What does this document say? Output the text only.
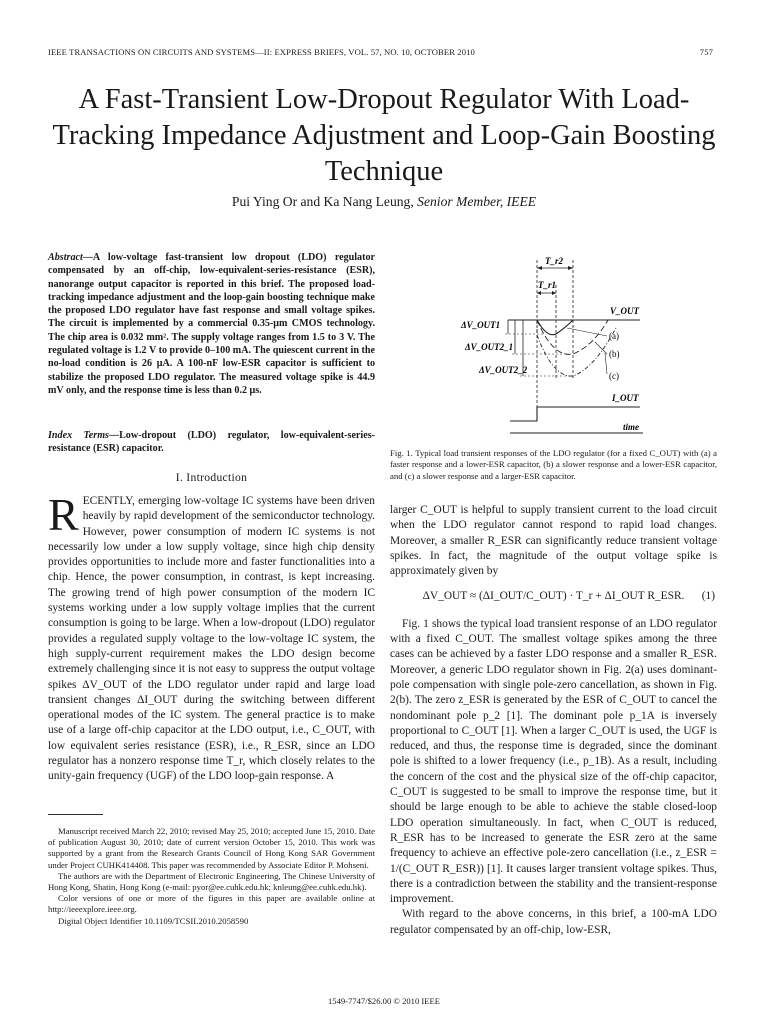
IEEE TRANSACTIONS ON CIRCUITS AND SYSTEMS—II: EXPRESS BRIEFS, VOL. 57, NO. 10, OCTOBER 2010	757
A Fast-Transient Low-Dropout Regulator With Load-Tracking Impedance Adjustment and Loop-Gain Boosting Technique
Pui Ying Or and Ka Nang Leung, Senior Member, IEEE
Abstract—A low-voltage fast-transient low dropout (LDO) regulator compensated by an off-chip, low-equivalent-series-resistance (ESR), nanorange output capacitor is reported in this brief. The proposed load-tracking impedance adjustment and the loop-gain boosting technique make the proposed LDO regulator have fast response and small voltage spikes. The circuit is implemented by a commercial 0.35-μm CMOS technology. The chip area is 0.032 mm². The supply voltage ranges from 1.5 to 3 V. The regulated voltage is 1.2 V to provide 0–100 mA. The quiescent current in the no-load condition is 26 μA. A 100-nF low-ESR capacitor is sufficient to stabilize the proposed LDO regulator. The measured voltage spike is 44.9 mV only, and the response time is less than 0.2 μs.
Index Terms—Low-dropout (LDO) regulator, low-equivalent-series-resistance (ESR) capacitor.
I. Introduction
RECENTLY, emerging low-voltage IC systems have been driven heavily by rapid development of the semiconductor technology. However, power consumption of modern IC systems is not necessarily low under a low supply voltage, since high chip density provides opportunities to include more and faster functionalities into a chip. Hence, the power consumption, in contrast, is kept increasing. The growing trend of high power consumption of the modern IC systems working under a low supply voltage implies that the current consumption is going to be large. When a low-dropout (LDO) regulator provides a regulated supply voltage to the low-voltage IC system, the high supply-current requirement makes the LDO design become extremely challenging since it is not easy to suppress the output voltage spikes ΔV_OUT of the LDO regulator under rapid and large load transient changes ΔI_OUT during the switching between different operational modes of the IC system. The general practice is to make use of a large off-chip capacitor at the LDO output, i.e., C_OUT, with low equivalent series resistance (ESR), i.e., R_ESR, since an LDO regulator has a nonzero response time T_r, which closely relates to the unity-gain frequency (UGF) of the LDO loop-gain response. A

Manuscript received March 22, 2010; revised May 25, 2010; accepted June 15, 2010. Date of publication August 30, 2010; date of current version October 15, 2010. This work was supported by a grant from the Research Grants Council of Hong Kong SAR Government under Project CUHK414408. This paper was recommended by Associate Editor P. Mohseni.

The authors are with the Department of Electronic Engineering, The Chinese University of Hong Kong, Shatin, Hong Kong (e-mail: pyor@ee.cuhk.edu.hk; knleung@ee.cuhk.edu.hk).

Color versions of one or more of the figures in this paper are available online at http://ieeexplore.ieee.org.

Digital Object Identifier 10.1109/TCSII.2010.2058590

time
I_OUT
T_r2
T_r1
V_OUT
(a)
(b)
(c)
ΔV_OUT1
ΔV_OUT2_1
ΔV_OUT2_2
Fig. 1. Typical load transient responses of the LDO regulator (for a fixed C_OUT) with (a) a faster response and a lower-ESR capacitor, (b) a slower response and a lower-ESR capacitor, and (c) a slower response and a larger-ESR capacitor.

larger C_OUT is helpful to supply transient current to the load circuit when the LDO regulator cannot respond to rapid load changes. Moreover, a smaller R_ESR can significantly reduce transient voltage spikes. In fact, the magnitude of the output voltage spike is approximately given by

ΔV_OUT ≈ (ΔI_OUT/C_OUT) · T_r + ΔI_OUT R_ESR. (1)

Fig. 1 shows the typical load transient response of an LDO regulator with a fixed C_OUT. The smallest voltage spikes among the three cases can be achieved by a faster LDO response and a smaller R_ESR. Moreover, a generic LDO regulator shown in Fig. 2(a) uses dominant-pole compensation with single pole-zero cancellation, as shown in Fig. 2(b). The zero z_ESR is generated by the ESR of C_OUT to cancel the nondominant pole p_2 [1]. The dominant pole p_1A is inversely proportional to C_OUT [1]. When a larger C_OUT is used, the UGF is reduced, and thus, the response time is degraded, since the dominant pole is shifted to a lower frequency (i.e., p_1B). As a result, including the concern of the cost and the physical size of the off-chip capacitor, C_OUT is suggested to be small to improve the response time, but it should be large enough to be able to achieve the stable closed-loop LDO operation simultaneously. In fact, when C_OUT is reduced, R_ESR has to be increased to generate the ESR zero at the same frequency to achieve an effective pole-zero cancellation (i.e., z_ESR = 1/(C_OUT R_ESR)) [1]. It causes larger transient voltage spikes. Thus, there is a contradiction between the stability and the transient-response improvement.

With regard to the above concerns, in this brief, a 100-mA LDO regulator compensated by an off-chip, low-ESR,

1549-7747/$26.00 © 2010 IEEE
